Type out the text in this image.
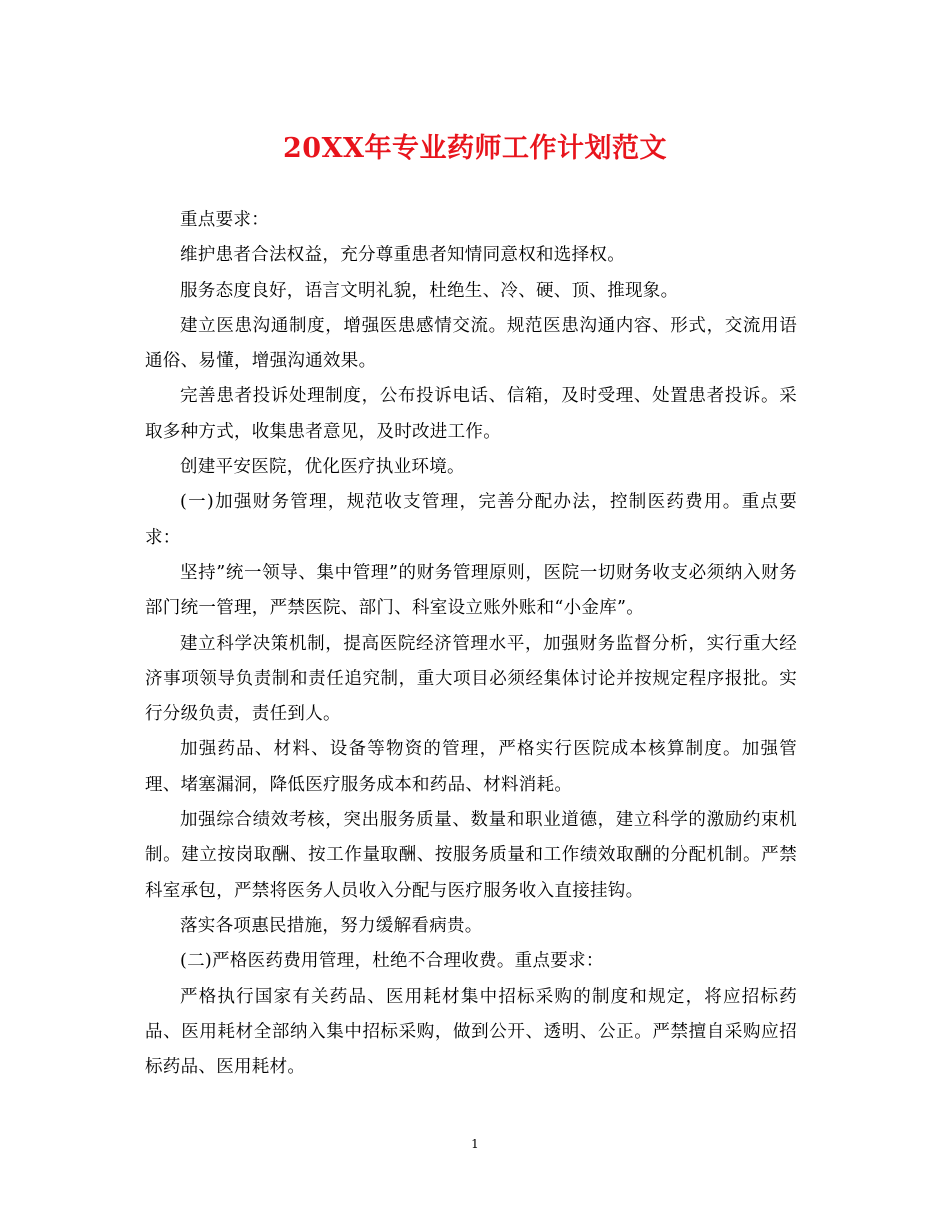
20XX年专业药师工作计划范文

重点要求：

维护患者合法权益，充分尊重患者知情同意权和选择权。

服务态度良好，语言文明礼貌，杜绝生、冷、硬、顶、推现象。

建立医患沟通制度，增强医患感情交流。规范医患沟通内容、形式，交流用语通俗、易懂，增强沟通效果。

完善患者投诉处理制度，公布投诉电话、信箱，及时受理、处置患者投诉。采取多种方式，收集患者意见，及时改进工作。

创建平安医院，优化医疗执业环境。

(一)加强财务管理，规范收支管理，完善分配办法，控制医药费用。重点要求：

坚持”统一领导、集中管理”的财务管理原则，医院一切财务收支必须纳入财务部门统一管理，严禁医院、部门、科室设立账外账和“小金库”。

建立科学决策机制，提高医院经济管理水平，加强财务监督分析，实行重大经济事项领导负责制和责任追究制，重大项目必须经集体讨论并按规定程序报批。实行分级负责，责任到人。

加强药品、材料、设备等物资的管理，严格实行医院成本核算制度。加强管理、堵塞漏洞，降低医疗服务成本和药品、材料消耗。

加强综合绩效考核，突出服务质量、数量和职业道德，建立科学的激励约束机制。建立按岗取酬、按工作量取酬、按服务质量和工作绩效取酬的分配机制。严禁科室承包，严禁将医务人员收入分配与医疗服务收入直接挂钩。

落实各项惠民措施，努力缓解看病贵。

(二)严格医药费用管理，杜绝不合理收费。重点要求：

严格执行国家有关药品、医用耗材集中招标采购的制度和规定，将应招标药品、医用耗材全部纳入集中招标采购，做到公开、透明、公正。严禁擅自采购应招标药品、医用耗材。

1
